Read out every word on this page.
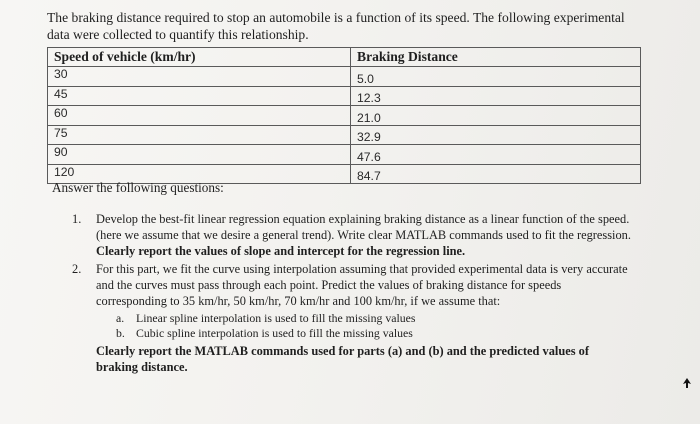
The braking distance required to stop an automobile is a function of its speed. The following experimental data were collected to quantify this relationship.
Speed of vehicle (km/hr)	Braking Distance
30	5.0
45	12.3
60	21.0
75	32.9
90	47.6
120	84.7
Answer the following questions:
1. Develop the best-fit linear regression equation explaining braking distance as a linear function of the speed. (here we assume that we desire a general trend). Write clear MATLAB commands used to fit the regression. Clearly report the values of slope and intercept for the regression line.
2. For this part, we fit the curve using interpolation assuming that provided experimental data is very accurate and the curves must pass through each point. Predict the values of braking distance for speeds corresponding to 35 km/hr, 50 km/hr, 70 km/hr and 100 km/hr, if we assume that:
a. Linear spline interpolation is used to fill the missing values
b. Cubic spline interpolation is used to fill the missing values
Clearly report the MATLAB commands used for parts (a) and (b) and the predicted values of braking distance.
